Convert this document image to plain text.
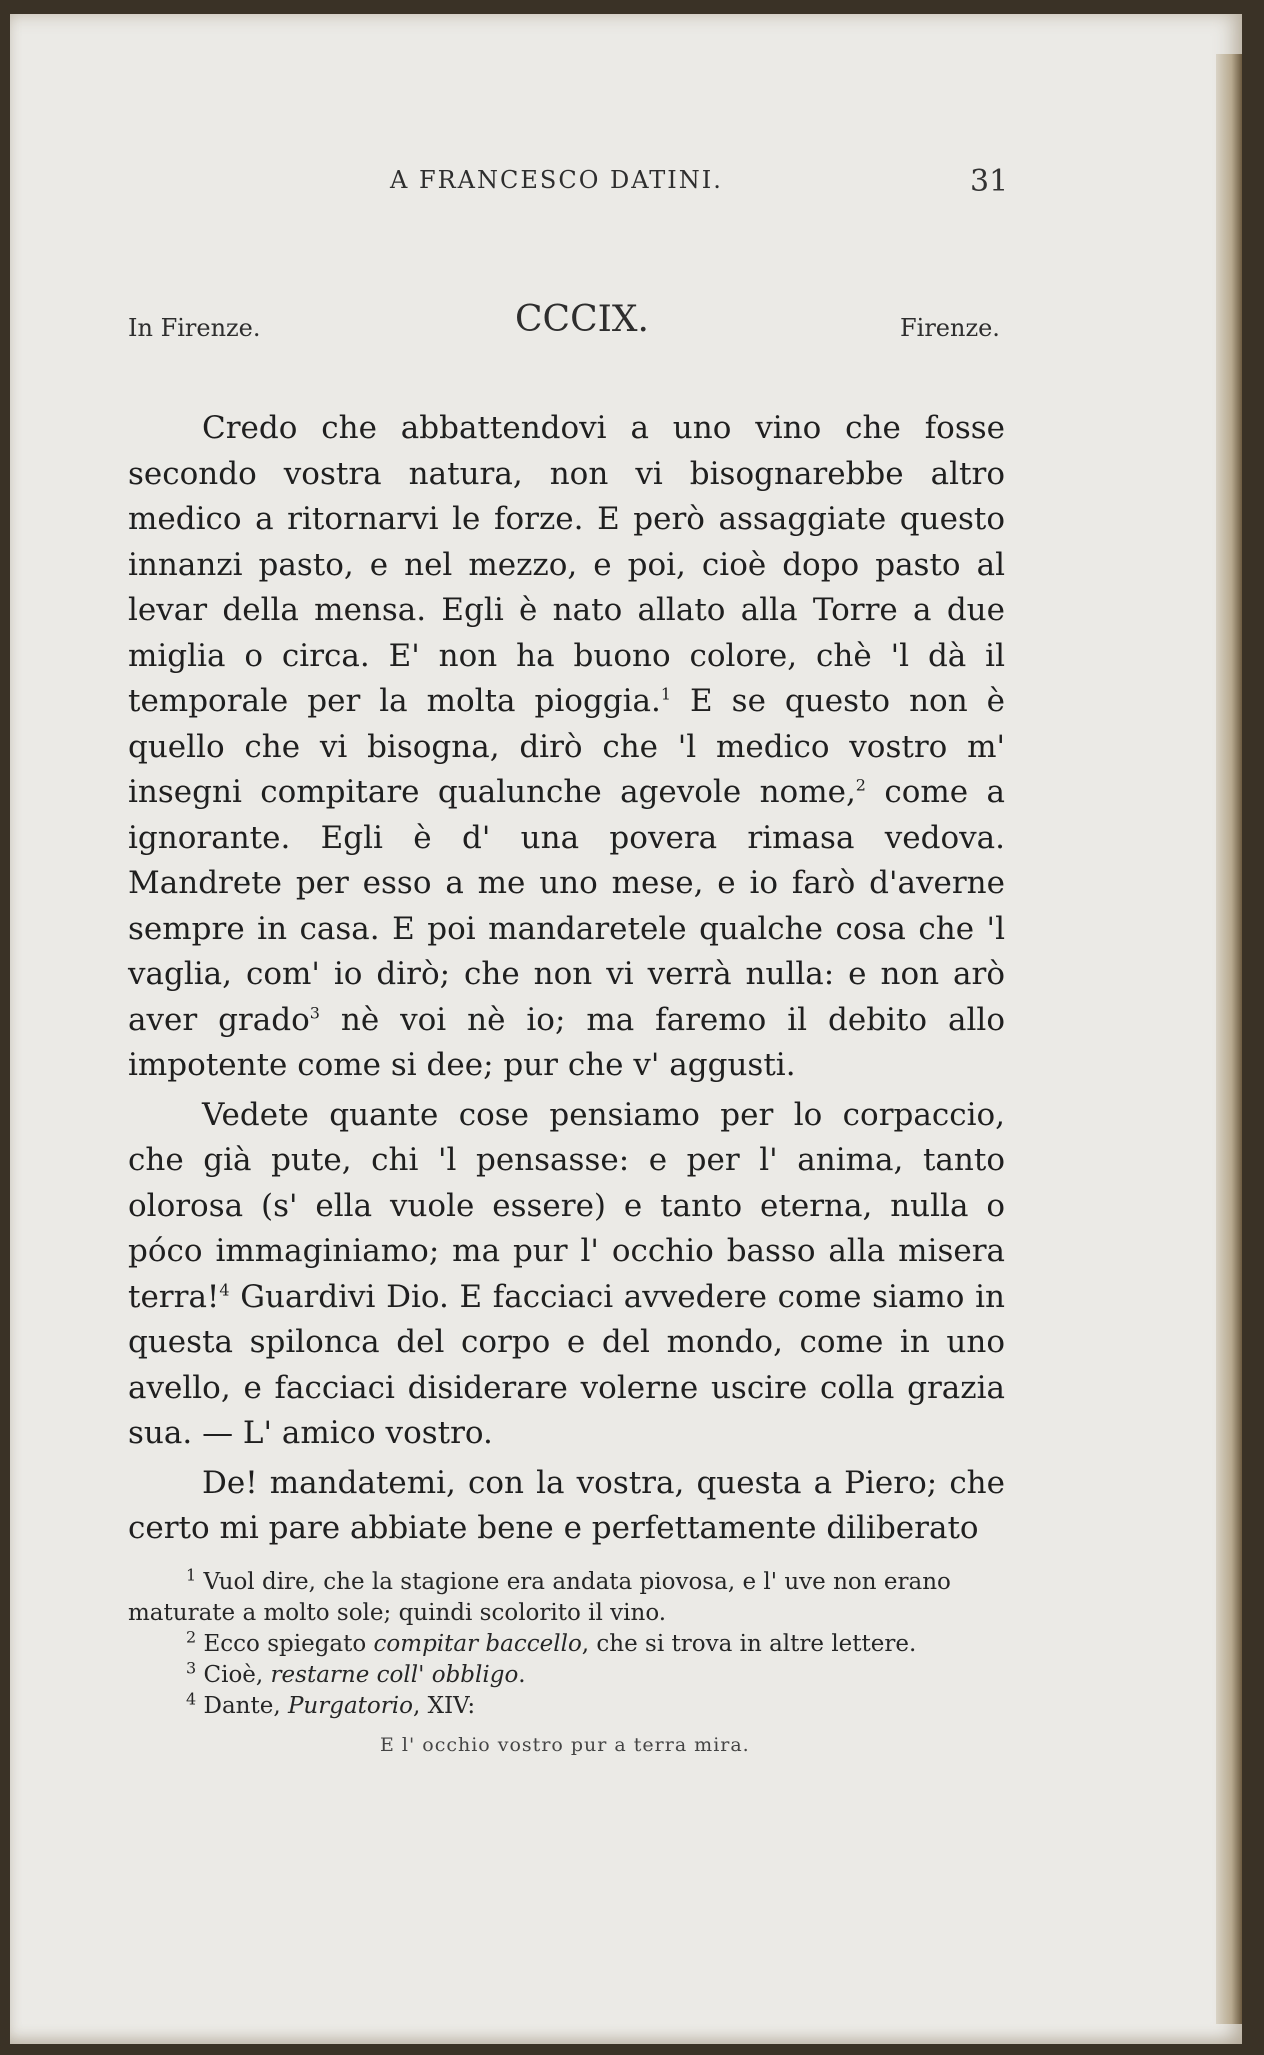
A FRANCESCO DATINI.	31
In Firenze.	CCCIX.	Firenze.

Credo che abbattendovi a uno vino che fosse secondo vostra natura, non vi bisognarebbe altro medico a ritornarvi le forze. E però assaggiate questo innanzi pasto, e nel mezzo, e poi, cioè dopo pasto al levar della mensa. Egli è nato allato alla Torre a due miglia o circa. E' non ha buono colore, chè 'l dà il temporale per la molta pioggia.$^1$ E se questo non è quello che vi bisogna, dirò che 'l medico vostro m' insegni compitare qualunche agevole nome,$^2$ come a ignorante. Egli è d' una povera rimasa vedova. Mandrete per esso a me uno mese, e io farò d'averne sempre in casa. E poi mandaretele qualche cosa che 'l vaglia, com' io dirò; che non vi verrà nulla: e non arò aver grado$^3$ nè voi nè io; ma faremo il debito allo impotente come si dee; pur che v' aggusti.

Vedete quante cose pensiamo per lo corpaccio, che già pute, chi 'l pensasse: e per l' anima, tanto olorosa (s' ella vuole essere) e tanto eterna, nulla o póco immaginiamo; ma pur l' occhio basso alla misera terra!$^4$ Guardivi Dio. E facciaci avvedere come siamo in questa spilonca del corpo e del mondo, come in uno avello, e facciaci disiderare volerne uscire colla grazia sua. — L' amico vostro.

De! mandatemi, con la vostra, questa a Piero; che certo mi pare abbiate bene e perfettamente diliberato

$^1$ Vuol dire, che la stagione era andata piovosa, e l' uve non erano maturate a molto sole; quindi scolorito il vino.

$^2$ Ecco spiegato compitar baccello, che si trova in altre lettere.

$^3$ Cioè, restarne coll' obbligo.

$^4$ Dante, Purgatorio, XIV:

E l' occhio vostro pur a terra mira.
